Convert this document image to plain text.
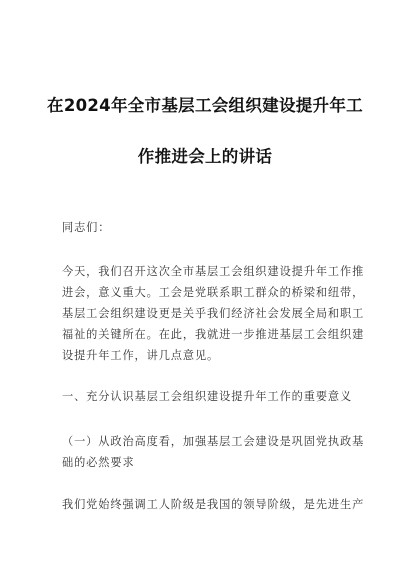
在2024年全市基层工会组织建设提升年工
作推进会上的讲话
同志们：
今天，我们召开这次全市基层工会组织建设提升年工作推
进会，意义重大。工会是党联系职工群众的桥梁和纽带，
基层工会组织建设更是关乎我们经济社会发展全局和职工
福祉的关键所在。在此，我就进一步推进基层工会组织建
设提升年工作，讲几点意见。
一、充分认识基层工会组织建设提升年工作的重要意义
（一）从政治高度看，加强基层工会建设是巩固党执政基
础的必然要求
我们党始终强调工人阶级是我国的领导阶级，是先进生产
